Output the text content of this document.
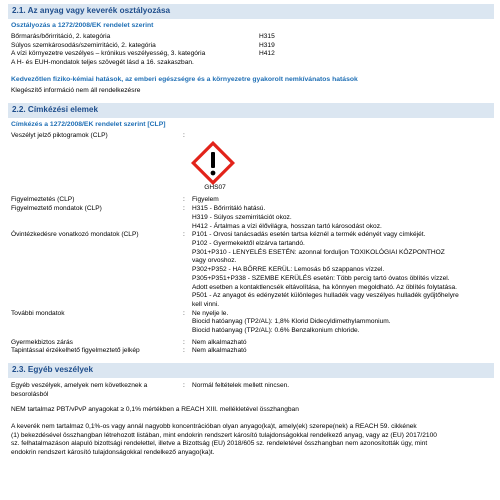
2.1. Az anyag vagy keverék osztályozása
Osztályozás a 1272/2008/EK rendelet szerint
Bőrmarás/bőrirritáció, 2. kategória	H315
Súlyos szemkárosodás/szemirritáció, 2. kategória	H319
A vízi környezetre veszélyes – krónikus veszélyesség, 3. kategória	H412
A H- és EUH-mondatok teljes szövegét lásd a 16. szakaszban.
Kedvezőtlen fiziko-kémiai hatások, az emberi egészségre és a környezetre gyakorolt nemkívánatos hatások

Klegészítő információ nem áll rendelkezésre

2.2. Címkézési elemek
Címkézés a 1272/2008/EK rendelet szerint [CLP]
Veszélyt jelző piktogramok (CLP)	:
GHS07
Figyelmeztetés (CLP)	:	Figyelem
Figyelmeztető mondatok (CLP)	:	H315 - Bőrirritáló hatású.
H319 - Súlyos szemirritációt okoz.
H412 - Ártalmas a vízi élővilágra, hosszan tartó károsodást okoz.
Óvintézkedésre vonatkozó mondatok (CLP)	:	P101 - Orvosi tanácsadás esetén tartsa kéznél a termék edényét vagy címkéjét.
P102 - Gyermekektől elzárva tartandó.
P301+P310 - LENYELÉS ESETÉN: azonnal forduljon TOXIKOLÓGIAI KÖZPONTHOZ
vagy orvoshoz.
P302+P352 - HA BŐRRE KERÜL: Lemosás bő szappanos vízzel.
P305+P351+P338 - SZEMBE KERÜLÉS esetén: Több percig tartó óvatos öblítés vízzel.
Adott esetben a kontaktlencsék eltávolítása, ha könnyen megoldható. Az öblítés folytatása.
P501 - Az anyagot és edényzetét különleges hulladék vagy veszélyes hulladék gyűjtőhelyre
kell vinni.
További mondatok	:	Ne nyelje le.
Biocid hatóanyag (TP2/AL): 1,8% Klorid Didecyldimethylammonium.
Biocid hatóanyag (TP2/AL): 0.6% Benzalkonium chloride.
Gyermekbiztos zárás	:	Nem alkalmazható
Tapintással érzékelhető figyelmeztető jelkép	:	Nem alkalmazható
2.3. Egyéb veszélyek
Egyéb veszélyek, amelyek nem következnek a
besorolásból
:	Normál feltételek mellett nincsen.

NEM tartalmaz PBT/vPvP anyagokat ≥ 0,1% mértékben a REACH XIII. mellékletével összhangban

A keverék nem tartalmaz 0,1%-os vagy annál nagyobb koncentrációban olyan anyago(ka)t, amely(ek) szerepe(nek) a REACH 59. cikkének

(1) bekezdésével összhangban létrehozott listában, mint endokrin rendszert károsító tulajdonságokkal rendelkező anyag, vagy az (EU) 2017/2100

sz. felhatalmazáson alapuló bizottsági rendelettel, illetve a Bizottság (EU) 2018/605 sz. rendeletével összhangban nem azonosították úgy, mint

endokrin rendszert károsító tulajdonságokkal rendelkező anyago(ka)t.
